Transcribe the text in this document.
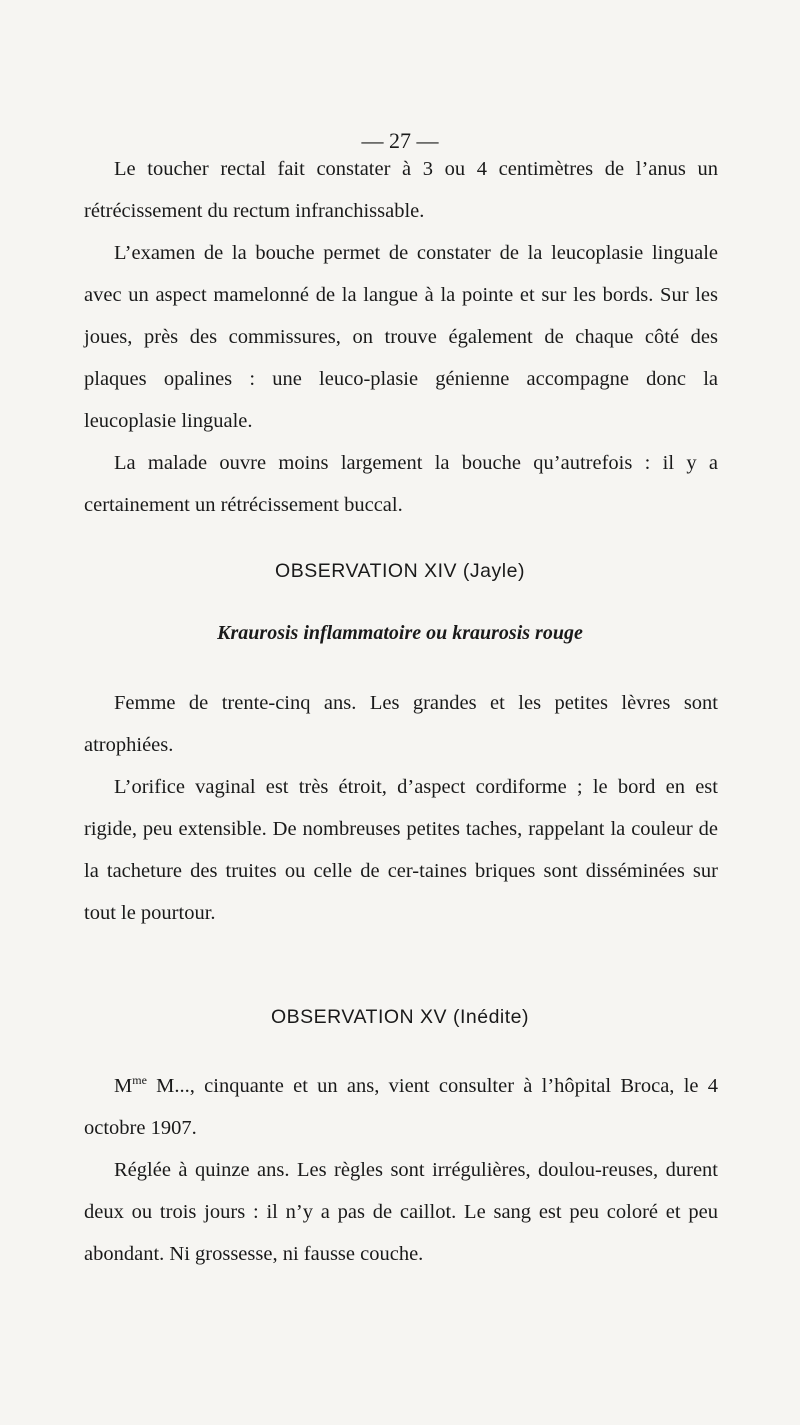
— 27 —

Le toucher rectal fait constater à 3 ou 4 centimètres de l’anus un rétrécissement du rectum infranchissable.

L’examen de la bouche permet de constater de la leucoplasie linguale avec un aspect mamelonné de la langue à la pointe et sur les bords. Sur les joues, près des commissures, on trouve également de chaque côté des plaques opalines : une leuco-plasie génienne accompagne donc la leucoplasie linguale.

La malade ouvre moins largement la bouche qu’autrefois : il y a certainement un rétrécissement buccal.

OBSERVATION XIV (Jayle)
Kraurosis inflammatoire ou kraurosis rouge

Femme de trente-cinq ans. Les grandes et les petites lèvres sont atrophiées.

L’orifice vaginal est très étroit, d’aspect cordiforme ; le bord en est rigide, peu extensible. De nombreuses petites taches, rappelant la couleur de la tacheture des truites ou celle de cer-taines briques sont disséminées sur tout le pourtour.

OBSERVATION XV (Inédite)

$M^{me}$ M..., cinquante et un ans, vient consulter à l’hôpital Broca, le 4 octobre 1907.

Réglée à quinze ans. Les règles sont irrégulières, doulou-reuses, durent deux ou trois jours : il n’y a pas de caillot. Le sang est peu coloré et peu abondant. Ni grossesse, ni fausse couche.
